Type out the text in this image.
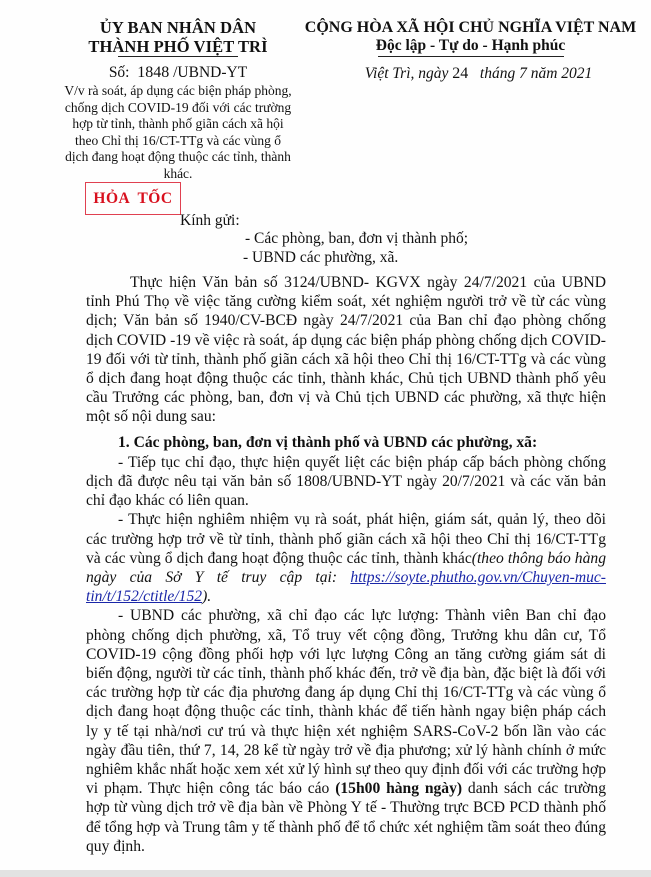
ỦY BAN NHÂN DÂN
THÀNH PHỐ VIỆT TRÌ
Số: 1848 /UBND-YT
V/v rà soát, áp dụng các biện pháp phòng, chống dịch COVID-19 đối với các trường hợp từ tỉnh, thành phố giãn cách xã hội theo Chỉ thị 16/CT-TTg và các vùng ổ dịch đang hoạt động thuộc các tỉnh, thành khác.
CỘNG HÒA XÃ HỘI CHỦ NGHĨA VIỆT NAM
Độc lập - Tự do - Hạnh phúc
Việt Trì, ngày 24 tháng 7 năm 2021
HỎA TỐC
Kính gửi:
- Các phòng, ban, đơn vị thành phố;
- UBND các phường, xã.

Thực hiện Văn bản số 3124/UBND- KGVX ngày 24/7/2021 của UBND tỉnh Phú Thọ về việc tăng cường kiểm soát, xét nghiệm người trở về từ các vùng dịch; Văn bản số 1940/CV-BCĐ ngày 24/7/2021 của Ban chỉ đạo phòng chống dịch COVID -19 về việc rà soát, áp dụng các biện pháp phòng chống dịch COVID-19 đối với từ tỉnh, thành phố giãn cách xã hội theo Chỉ thị 16/CT-TTg và các vùng ổ dịch đang hoạt động thuộc các tỉnh, thành khác, Chủ tịch UBND thành phố yêu cầu Trưởng các phòng, ban, đơn vị và Chủ tịch UBND các phường, xã thực hiện một số nội dung sau:

1. Các phòng, ban, đơn vị thành phố và UBND các phường, xã:

- Tiếp tục chỉ đạo, thực hiện quyết liệt các biện pháp cấp bách phòng chống dịch đã được nêu tại văn bản số 1808/UBND-YT ngày 20/7/2021 và các văn bản chỉ đạo khác có liên quan.

- Thực hiện nghiêm nhiệm vụ rà soát, phát hiện, giám sát, quản lý, theo dõi các trường hợp trở về từ tỉnh, thành phố giãn cách xã hội theo Chỉ thị 16/CT-TTg và các vùng ổ dịch đang hoạt động thuộc các tỉnh, thành khác(theo thông báo hàng ngày của Sở Y tế truy cập tại: https://soyte.phutho.gov.vn/Chuyen-muc-tin/t/152/ctitle/152).

- UBND các phường, xã chỉ đạo các lực lượng: Thành viên Ban chỉ đạo phòng chống dịch phường, xã, Tổ truy vết cộng đồng, Trưởng khu dân cư, Tổ COVID-19 cộng đồng phối hợp với lực lượng Công an tăng cường giám sát di biến động, người từ các tỉnh, thành phố khác đến, trở về địa bàn, đặc biệt là đối với các trường hợp từ các địa phương đang áp dụng Chỉ thị 16/CT-TTg và các vùng ổ dịch đang hoạt động thuộc các tỉnh, thành khác để tiến hành ngay biện pháp cách ly y tế tại nhà/nơi cư trú và thực hiện xét nghiệm SARS-CoV-2 bốn lần vào các ngày đầu tiên, thứ 7, 14, 28 kể từ ngày trở về địa phương; xử lý hành chính ở mức nghiêm khắc nhất hoặc xem xét xử lý hình sự theo quy định đối với các trường hợp vi phạm. Thực hiện công tác báo cáo (15h00 hàng ngày) danh sách các trường hợp từ vùng dịch trở về địa bàn về Phòng Y tế - Thường trực BCĐ PCD thành phố để tổng hợp và Trung tâm y tế thành phố để tổ chức xét nghiệm tầm soát theo đúng quy định.
